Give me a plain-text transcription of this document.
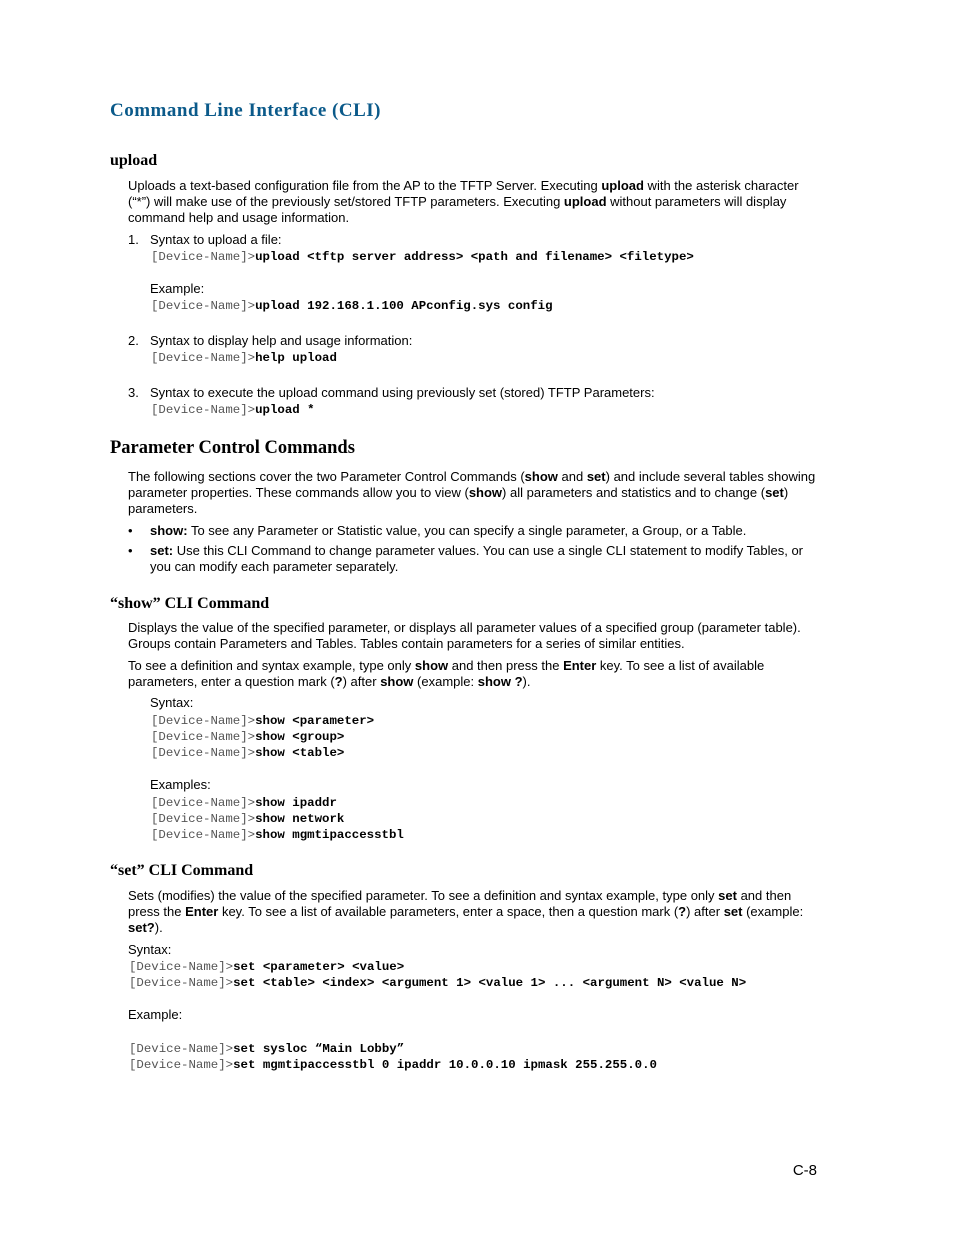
Command Line Interface (CLI)
upload
Uploads a text-based configuration file from the AP to the TFTP Server. Executing upload with the asterisk character (“*”) will make use of the previously set/stored TFTP parameters. Executing upload without parameters will display command help and usage information.
1. Syntax to upload a file:
[Device-Name]>upload <tftp server address> <path and filename> <filetype>
Example:
[Device-Name]>upload 192.168.1.100 APconfig.sys config
2. Syntax to display help and usage information:
[Device-Name]>help upload
3. Syntax to execute the upload command using previously set (stored) TFTP Parameters:
[Device-Name]>upload *
Parameter Control Commands
The following sections cover the two Parameter Control Commands (show and set) and include several tables showing parameter properties. These commands allow you to view (show) all parameters and statistics and to change (set) parameters.
• show: To see any Parameter or Statistic value, you can specify a single parameter, a Group, or a Table.
• set: Use this CLI Command to change parameter values. You can use a single CLI statement to modify Tables, or you can modify each parameter separately.
“show” CLI Command
Displays the value of the specified parameter, or displays all parameter values of a specified group (parameter table). Groups contain Parameters and Tables. Tables contain parameters for a series of similar entities.
To see a definition and syntax example, type only show and then press the Enter key. To see a list of available parameters, enter a question mark (?) after show (example: show ?).
Syntax:
[Device-Name]>show <parameter>
[Device-Name]>show <group>
[Device-Name]>show <table>
Examples:
[Device-Name]>show ipaddr
[Device-Name]>show network
[Device-Name]>show mgmtipaccesstbl
“set” CLI Command
Sets (modifies) the value of the specified parameter. To see a definition and syntax example, type only set and then press the Enter key. To see a list of available parameters, enter a space, then a question mark (?) after set (example: set?).
Syntax:
[Device-Name]>set <parameter> <value>
[Device-Name]>set <table> <index> <argument 1> <value 1> ... <argument N> <value N>
Example:
[Device-Name]>set sysloc “Main Lobby”
[Device-Name]>set mgmtipaccesstbl 0 ipaddr 10.0.0.10 ipmask 255.255.0.0
C-8
